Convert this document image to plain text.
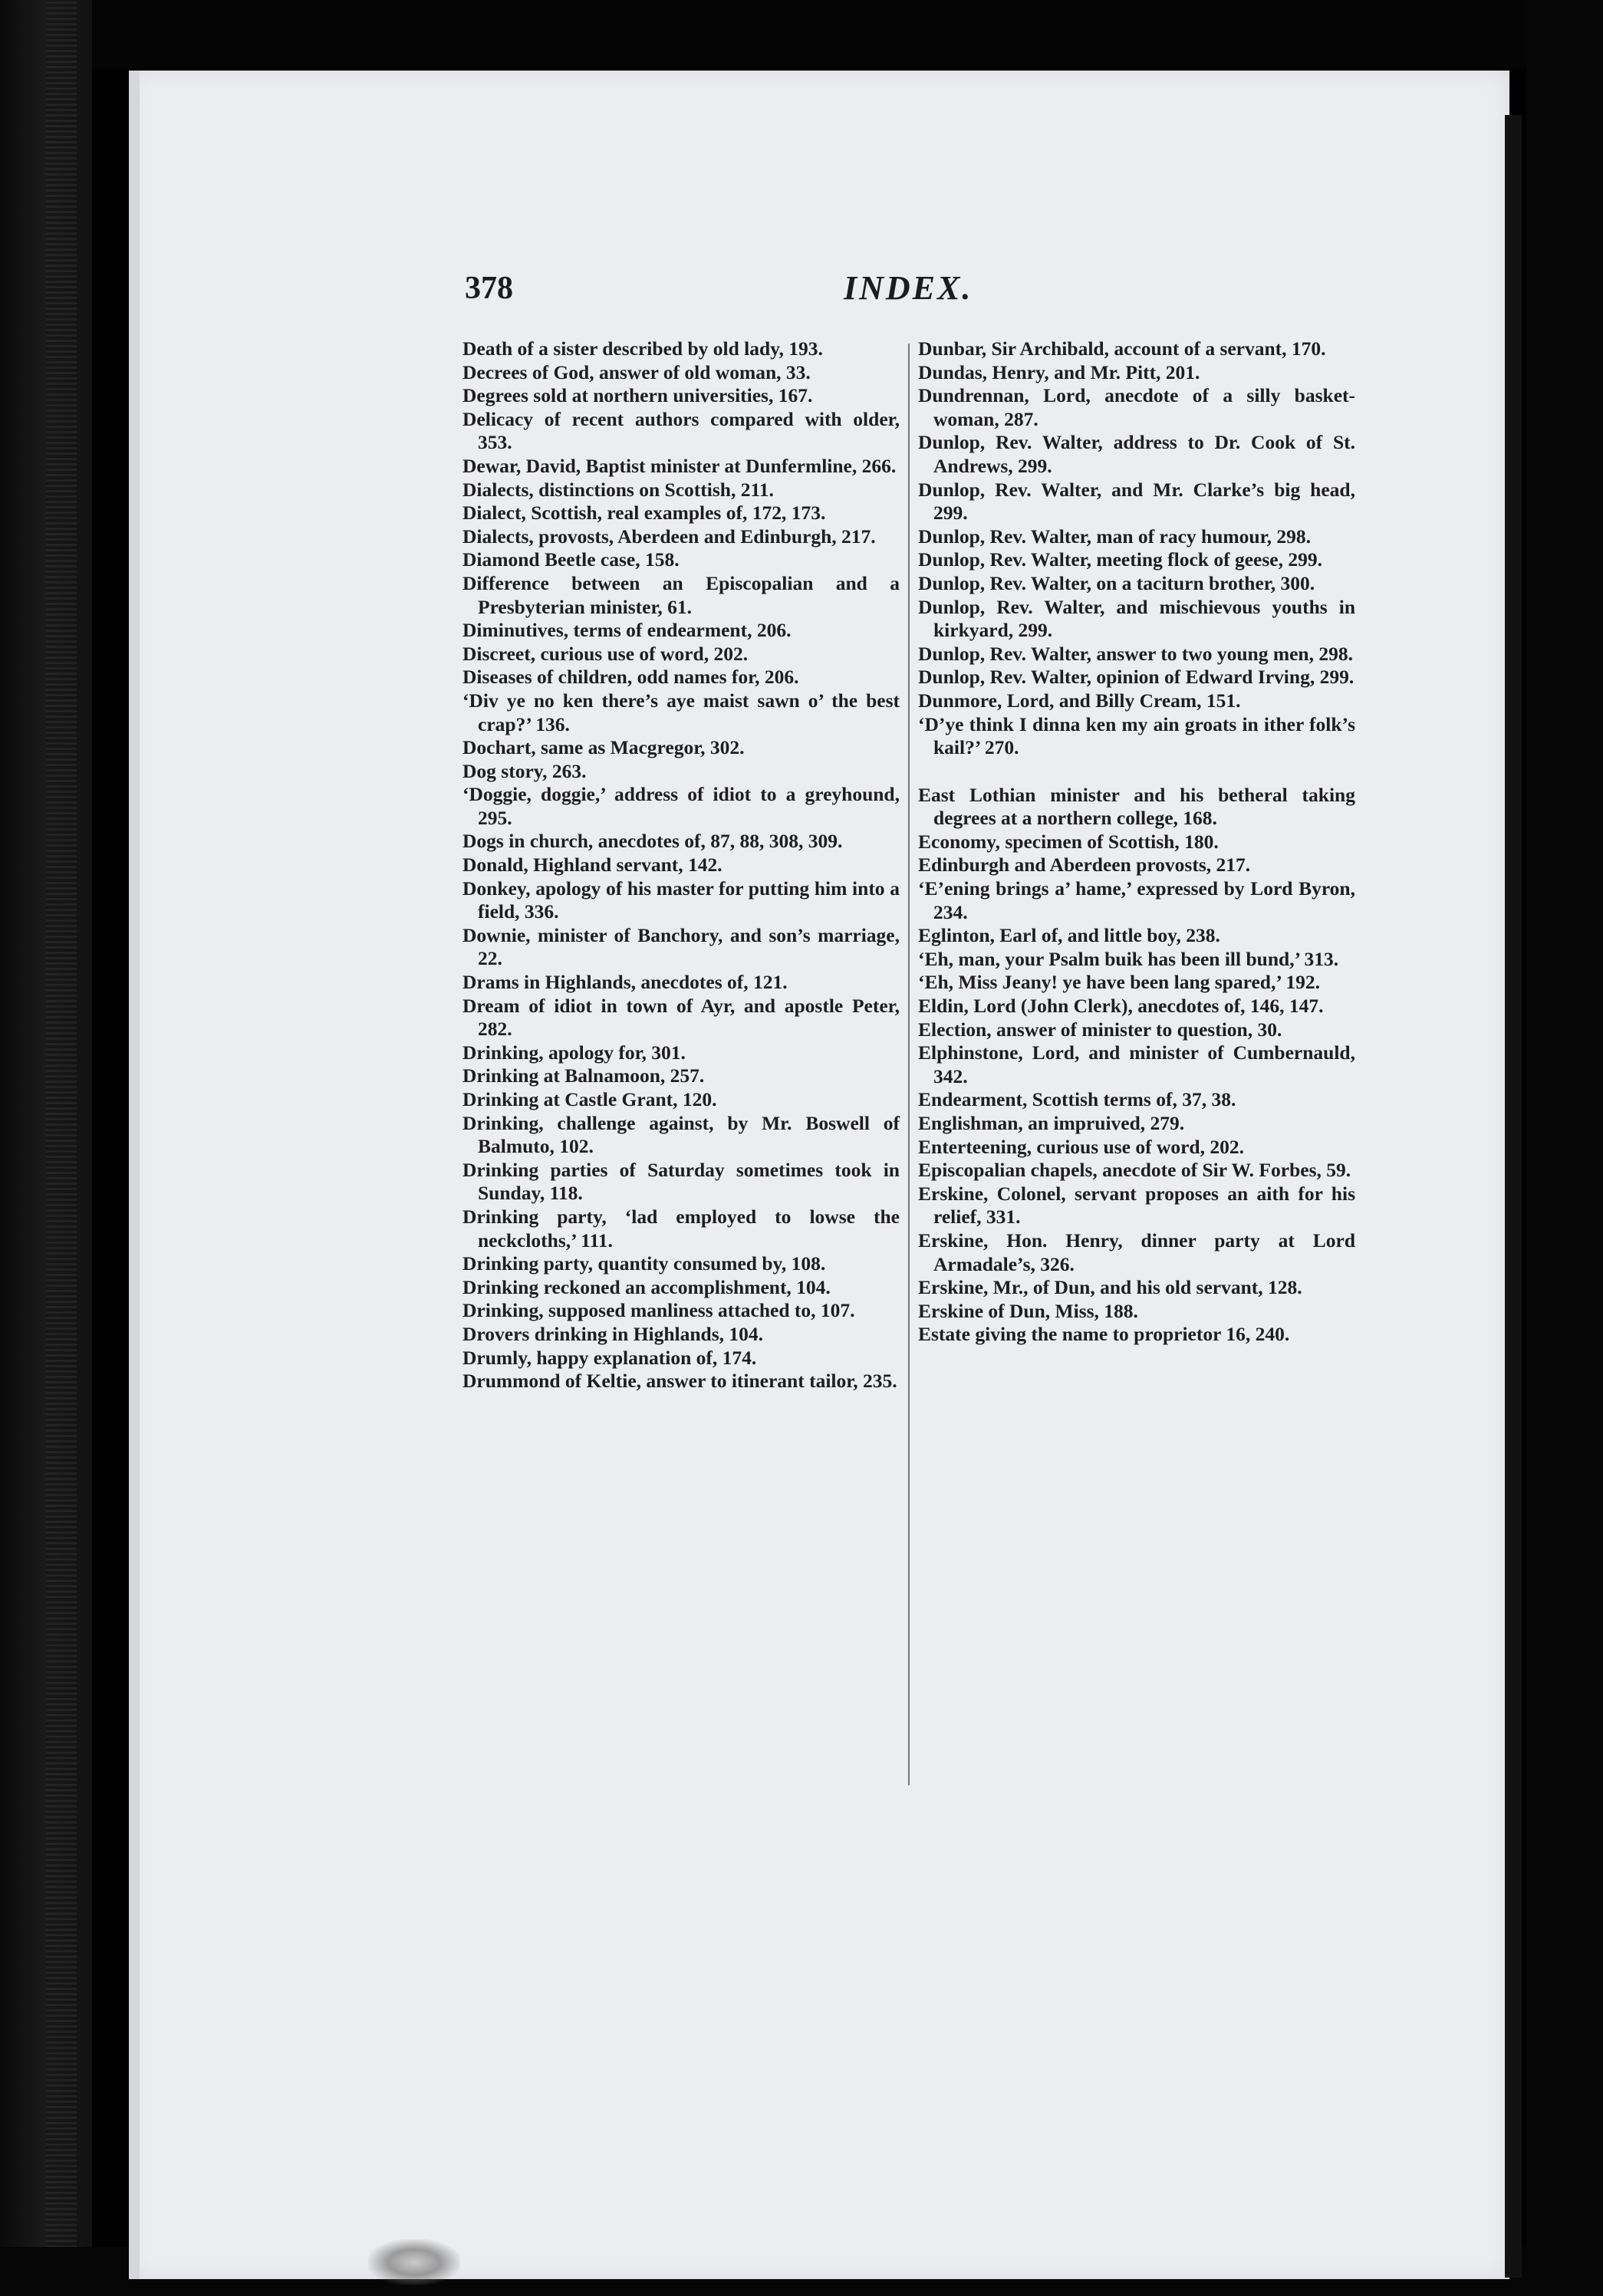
378	INDEX.

Death of a sister described by old lady, 193.

Decrees of God, answer of old woman, 33.

Degrees sold at northern universities, 167.

Delicacy of recent authors compared with older, 353.

Dewar, David, Baptist minister at Dunfermline, 266.

Dialects, distinctions on Scottish, 211.

Dialect, Scottish, real examples of, 172, 173.

Dialects, provosts, Aberdeen and Edinburgh, 217.

Diamond Beetle case, 158.

Difference between an Episcopalian and a Presbyterian minister, 61.

Diminutives, terms of endearment, 206.

Discreet, curious use of word, 202.

Diseases of children, odd names for, 206.

‘Div ye no ken there’s aye maist sawn o’ the best crap?’ 136.

Dochart, same as Macgregor, 302.

Dog story, 263.

‘Doggie, doggie,’ address of idiot to a greyhound, 295.

Dogs in church, anecdotes of, 87, 88, 308, 309.

Donald, Highland servant, 142.

Donkey, apology of his master for putting him into a field, 336.

Downie, minister of Banchory, and son’s marriage, 22.

Drams in Highlands, anecdotes of, 121.

Dream of idiot in town of Ayr, and apostle Peter, 282.

Drinking, apology for, 301.

Drinking at Balnamoon, 257.

Drinking at Castle Grant, 120.

Drinking, challenge against, by Mr. Boswell of Balmuto, 102.

Drinking parties of Saturday sometimes took in Sunday, 118.

Drinking party, ‘lad employed to lowse the neckcloths,’ 111.

Drinking party, quantity consumed by, 108.

Drinking reckoned an accomplishment, 104.

Drinking, supposed manliness attached to, 107.

Drovers drinking in Highlands, 104.

Drumly, happy explanation of, 174.

Drummond of Keltie, answer to itinerant tailor, 235.

Dunbar, Sir Archibald, account of a servant, 170.

Dundas, Henry, and Mr. Pitt, 201.

Dundrennan, Lord, anecdote of a silly basket-woman, 287.

Dunlop, Rev. Walter, address to Dr. Cook of St. Andrews, 299.

Dunlop, Rev. Walter, and Mr. Clarke’s big head, 299.

Dunlop, Rev. Walter, man of racy humour, 298.

Dunlop, Rev. Walter, meeting flock of geese, 299.

Dunlop, Rev. Walter, on a taciturn brother, 300.

Dunlop, Rev. Walter, and mischievous youths in kirkyard, 299.

Dunlop, Rev. Walter, answer to two young men, 298.

Dunlop, Rev. Walter, opinion of Edward Irving, 299.

Dunmore, Lord, and Billy Cream, 151.

‘D’ye think I dinna ken my ain groats in ither folk’s kail?’ 270.

East Lothian minister and his betheral taking degrees at a northern college, 168.

Economy, specimen of Scottish, 180.

Edinburgh and Aberdeen provosts, 217.

‘E’ening brings a’ hame,’ expressed by Lord Byron, 234.

Eglinton, Earl of, and little boy, 238.

‘Eh, man, your Psalm buik has been ill bund,’ 313.

‘Eh, Miss Jeany! ye have been lang spared,’ 192.

Eldin, Lord (John Clerk), anecdotes of, 146, 147.

Election, answer of minister to question, 30.

Elphinstone, Lord, and minister of Cumbernauld, 342.

Endearment, Scottish terms of, 37, 38.

Englishman, an impruived, 279.

Enterteening, curious use of word, 202.

Episcopalian chapels, anecdote of Sir W. Forbes, 59.

Erskine, Colonel, servant proposes an aith for his relief, 331.

Erskine, Hon. Henry, dinner party at Lord Armadale’s, 326.

Erskine, Mr., of Dun, and his old servant, 128.

Erskine of Dun, Miss, 188.

Estate giving the name to proprietor 16, 240.
